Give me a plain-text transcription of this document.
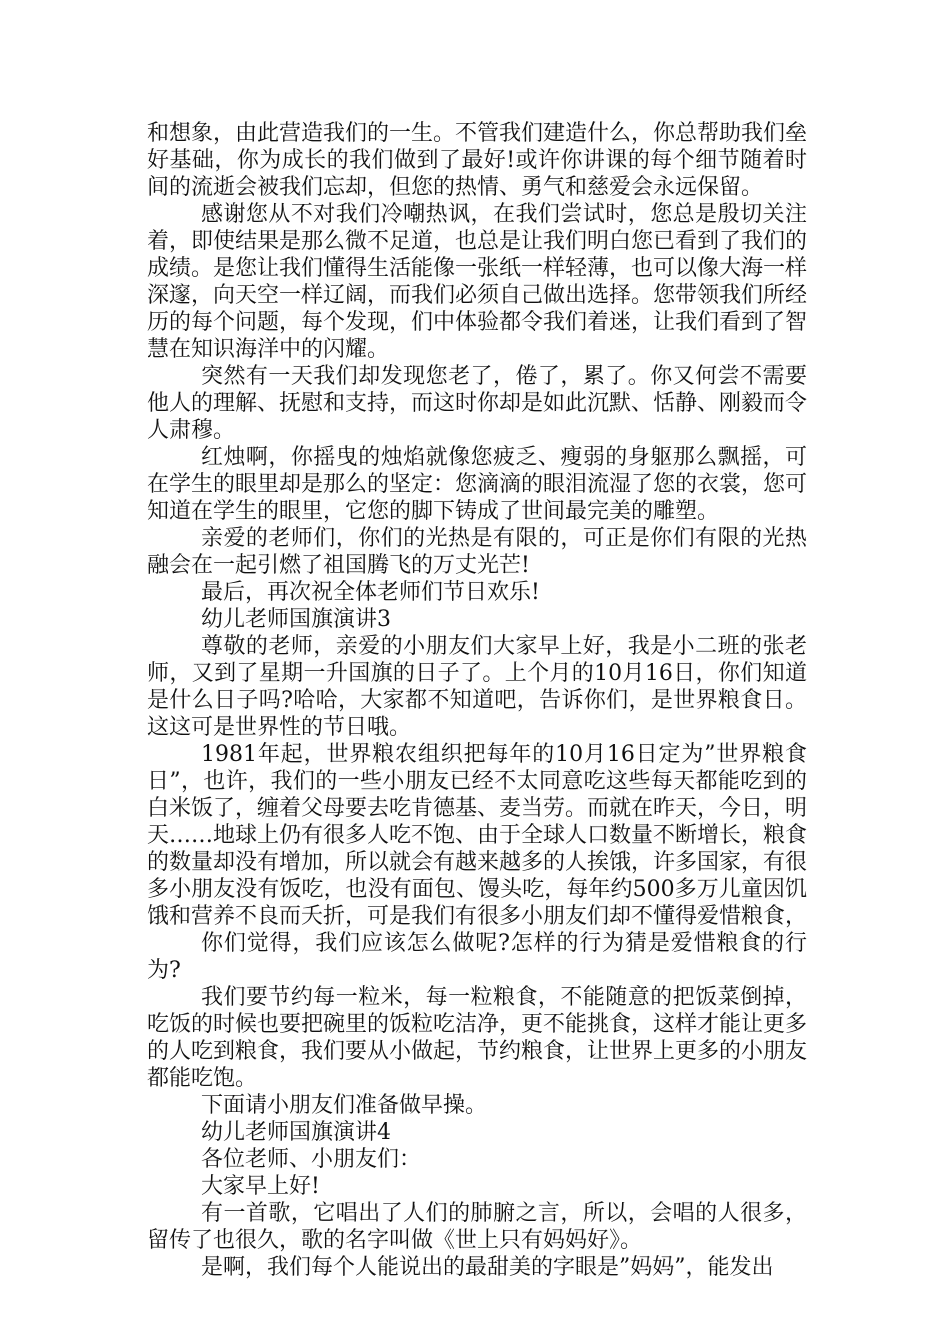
和想象，由此营造我们的一生。不管我们建造什么，你总帮助我们垒好基础，你为成长的我们做到了最好!或许你讲课的每个细节随着时间的流逝会被我们忘却，但您的热情、勇气和慈爱会永远保留。

感谢您从不对我们冷嘲热讽，在我们尝试时，您总是殷切关注着，即使结果是那么微不足道，也总是让我们明白您已看到了我们的成绩。是您让我们懂得生活能像一张纸一样轻薄，也可以像大海一样深邃，向天空一样辽阔，而我们必须自己做出选择。您带领我们所经历的每个问题，每个发现，们中体验都令我们着迷，让我们看到了智慧在知识海洋中的闪耀。

突然有一天我们却发现您老了，倦了，累了。你又何尝不需要他人的理解、抚慰和支持，而这时你却是如此沉默、恬静、刚毅而令人肃穆。

红烛啊，你摇曳的烛焰就像您疲乏、瘦弱的身躯那么飘摇，可在学生的眼里却是那么的坚定：您滴滴的眼泪流湿了您的衣裳，您可知道在学生的眼里，它您的脚下铸成了世间最完美的雕塑。

亲爱的老师们，你们的光热是有限的，可正是你们有限的光热融会在一起引燃了祖国腾飞的万丈光芒!

最后，再次祝全体老师们节日欢乐!

幼儿老师国旗演讲3

尊敬的老师，亲爱的小朋友们大家早上好，我是小二班的张老师，又到了星期一升国旗的日子了。上个月的10月16日，你们知道是什么日子吗?哈哈，大家都不知道吧，告诉你们，是世界粮食日。这这可是世界性的节日哦。

1981年起，世界粮农组织把每年的10月16日定为”世界粮食日”，也许，我们的一些小朋友已经不太同意吃这些每天都能吃到的白米饭了，缠着父母要去吃肯德基、麦当劳。而就在昨天，今日，明天……地球上仍有很多人吃不饱、由于全球人口数量不断增长，粮食的数量却没有增加，所以就会有越来越多的人挨饿，许多国家，有很多小朋友没有饭吃，也没有面包、馒头吃，每年约500多万儿童因饥饿和营养不良而夭折，可是我们有很多小朋友们却不懂得爱惜粮食，

你们觉得，我们应该怎么做呢?怎样的行为猜是爱惜粮食的行为?

我们要节约每一粒米，每一粒粮食，不能随意的把饭菜倒掉，吃饭的时候也要把碗里的饭粒吃洁净，更不能挑食，这样才能让更多的人吃到粮食，我们要从小做起，节约粮食，让世界上更多的小朋友都能吃饱。

下面请小朋友们准备做早操。

幼儿老师国旗演讲4

各位老师、小朋友们：

大家早上好!

有一首歌，它唱出了人们的肺腑之言，所以，会唱的人很多，留传了也很久，歌的名字叫做《世上只有妈妈好》。

是啊，我们每个人能说出的最甜美的字眼是”妈妈”，能发出
